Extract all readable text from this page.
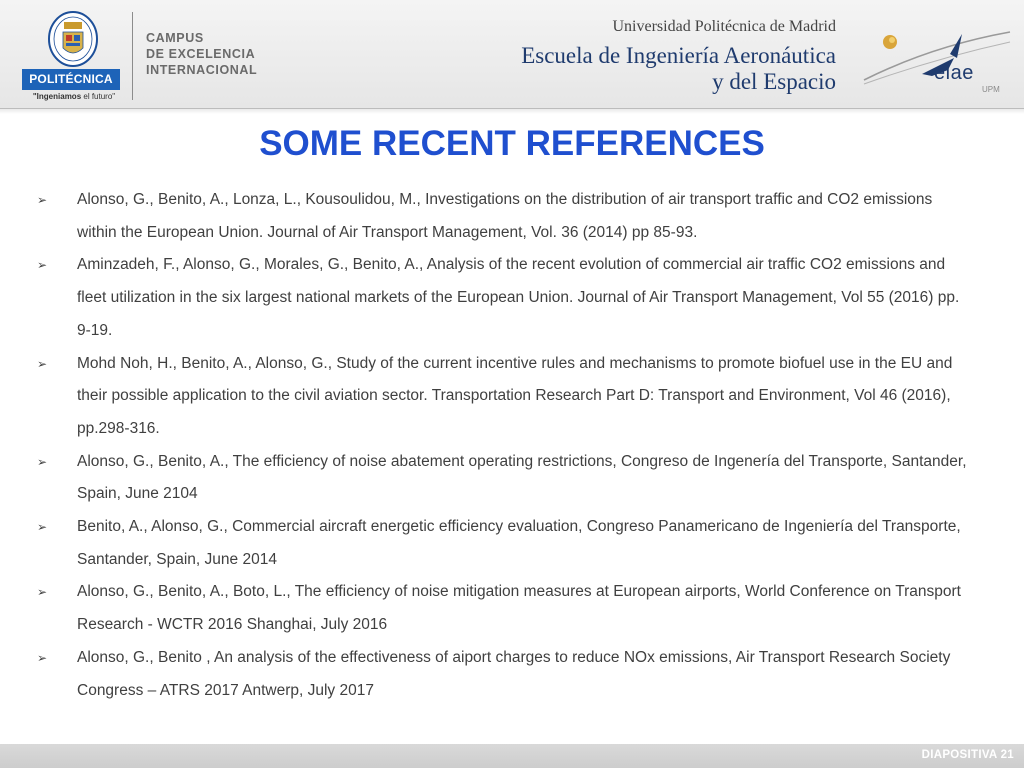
POLITÉCNICA
"Ingeniamos el futuro"
CAMPUS
DE EXCELENCIA
INTERNACIONAL
Universidad Politécnica de Madrid
Escuela de Ingeniería Aeronáutica
y del Espacio	eiae
UPM
SOME RECENT REFERENCES
➢ Alonso, G., Benito, A., Lonza, L., Kousoulidou, M., Investigations on the distribution of air transport traffic and CO2 emissions within the European Union. Journal of Air Transport Management, Vol. 36 (2014) pp 85-93.
➢ Aminzadeh, F., Alonso, G., Morales, G., Benito, A., Analysis of the recent evolution of commercial air traffic CO2 emissions and fleet utilization in the six largest national markets of the European Union. Journal of Air Transport Management, Vol 55 (2016) pp. 9-19.
➢ Mohd Noh, H., Benito, A., Alonso, G., Study of the current incentive rules and mechanisms to promote biofuel use in the EU and their possible application to the civil aviation sector. Transportation Research Part D: Transport and Environment, Vol 46 (2016), pp.298-316.
➢ Alonso, G., Benito, A., The efficiency of noise abatement operating restrictions, Congreso de Ingenería del Transporte, Santander, Spain, June 2104
➢ Benito, A., Alonso, G., Commercial aircraft energetic efficiency evaluation, Congreso Panamericano de Ingeniería del Transporte, Santander, Spain, June 2014
➢ Alonso, G., Benito, A., Boto, L., The efficiency of noise mitigation measures at European airports, World Conference on Transport Research - WCTR 2016 Shanghai, July 2016
➢ Alonso, G., Benito , An analysis of the effectiveness of aiport charges to reduce NOx emissions, Air Transport Research Society Congress – ATRS 2017 Antwerp, July 2017
DIAPOSITIVA 21
